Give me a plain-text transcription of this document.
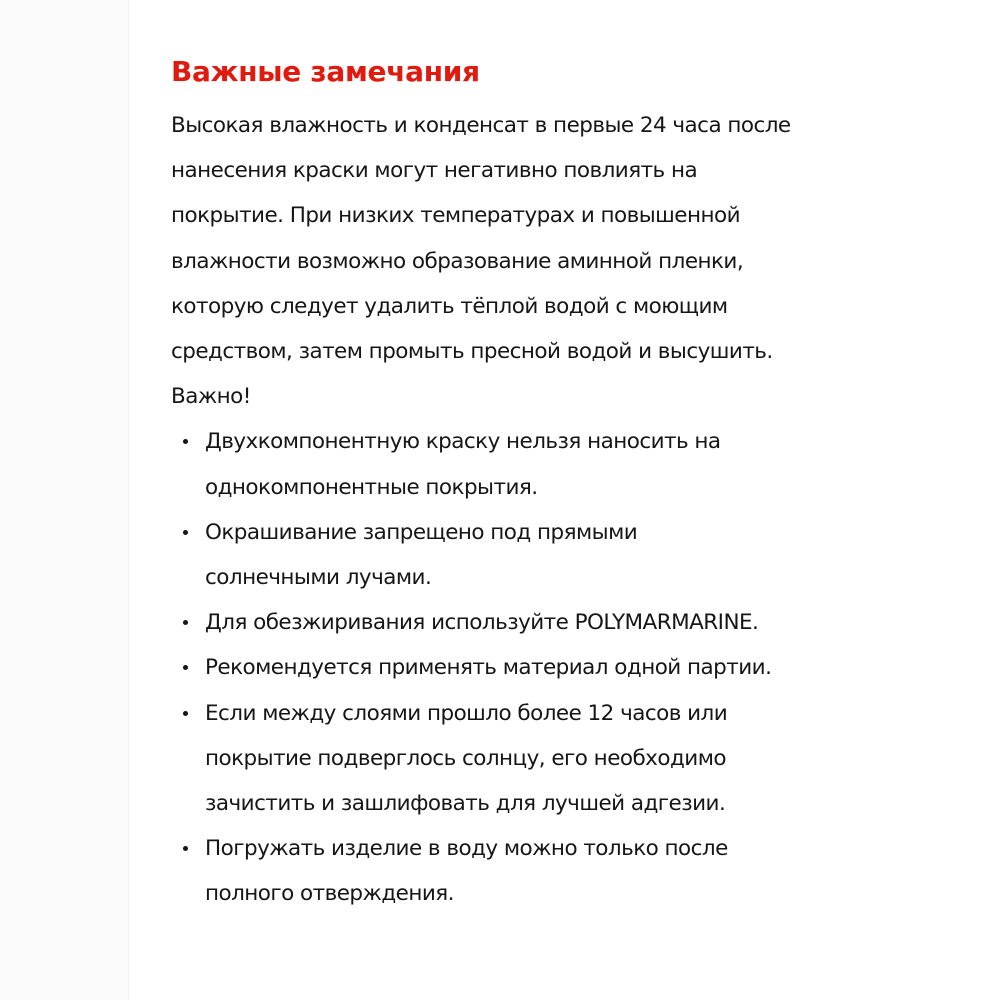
Важные замечания

Высокая влажность и конденсат в первые 24 часа после
нанесения краски могут негативно повлиять на
покрытие. При низких температурах и повышенной
влажности возможно образование аминной пленки,
которую следует удалить тёплой водой с моющим
средством, затем промыть пресной водой и высушить.

Важно!

Двухкомпонентную краску нельзя наносить на
однокомпонентные покрытия.
Окрашивание запрещено под прямыми
солнечными лучами.
Для обезжиривания используйте POLYMARMARINE.
Рекомендуется применять материал одной партии.
Если между слоями прошло более 12 часов или
покрытие подверглось солнцу, его необходимо
зачистить и зашлифовать для лучшей адгезии.
Погружать изделие в воду можно только после
полного отверждения.
